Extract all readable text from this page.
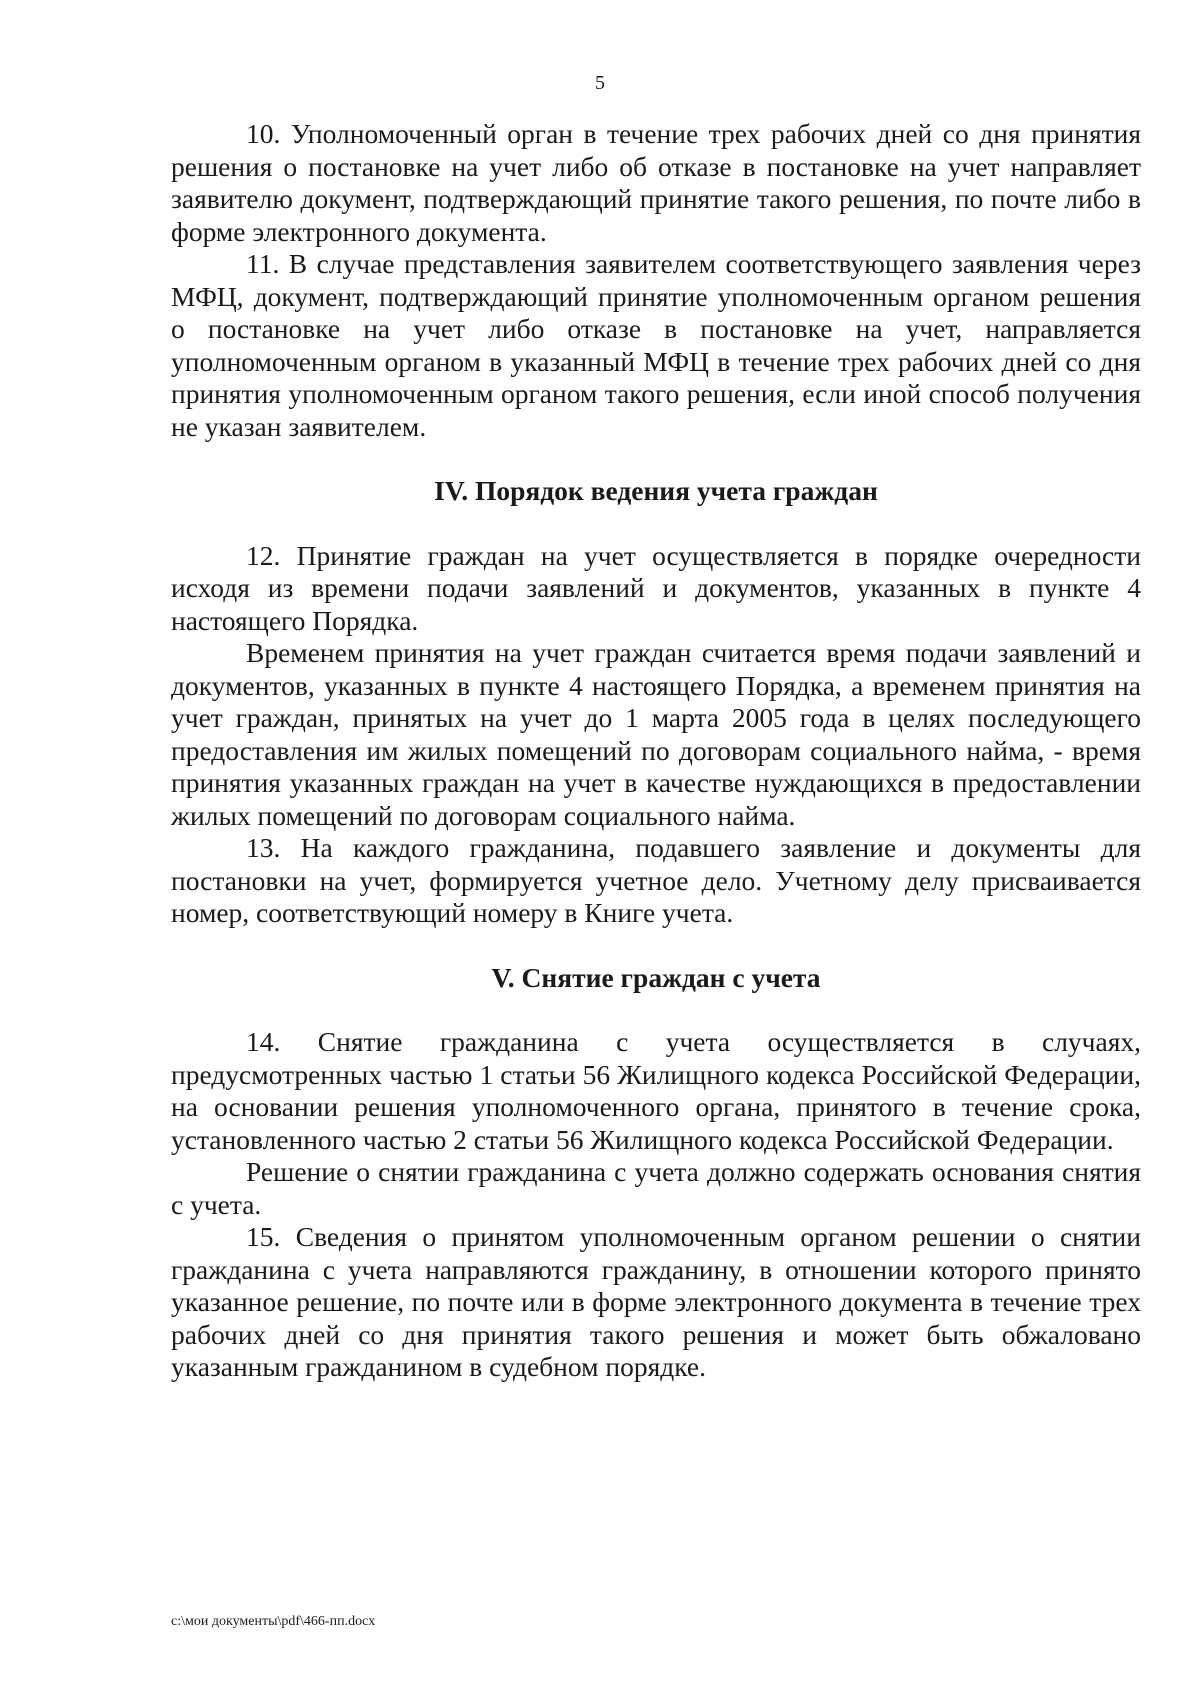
5

10. Уполномоченный орган в течение трех рабочих дней со дня принятия решения о постановке на учет либо об отказе в постановке на учет направляет заявителю документ, подтверждающий принятие такого решения, по почте либо в форме электронного документа.

11. В случае представления заявителем соответствующего заявления через МФЦ, документ, подтверждающий принятие уполномоченным органом решения о постановке на учет либо отказе в постановке на учет, направляется уполномоченным органом в указанный МФЦ в течение трех рабочих дней со дня принятия уполномоченным органом такого решения, если иной способ получения не указан заявителем.

IV. Порядок ведения учета граждан

12. Принятие граждан на учет осуществляется в порядке очередности исходя из времени подачи заявлений и документов, указанных в пункте 4 настоящего Порядка.

Временем принятия на учет граждан считается время подачи заявлений и документов, указанных в пункте 4 настоящего Порядка, а временем принятия на учет граждан, принятых на учет до 1 марта 2005 года в целях последующего предоставления им жилых помещений по договорам социального найма, - время принятия указанных граждан на учет в качестве нуждающихся в предоставлении жилых помещений по договорам социального найма.

13. На каждого гражданина, подавшего заявление и документы для постановки на учет, формируется учетное дело. Учетному делу присваивается номер, соответствующий номеру в Книге учета.

V. Снятие граждан с учета

14. Снятие гражданина с учета осуществляется в случаях, предусмотренных частью 1 статьи 56 Жилищного кодекса Российской Федерации, на основании решения уполномоченного органа, принятого в течение срока, установленного частью 2 статьи 56 Жилищного кодекса Российской Федерации.

Решение о снятии гражданина с учета должно содержать основания снятия с учета.

15. Сведения о принятом уполномоченным органом решении о снятии гражданина с учета направляются гражданину, в отношении которого принято указанное решение, по почте или в форме электронного документа в течение трех рабочих дней со дня принятия такого решения и может быть обжаловано указанным гражданином в судебном порядке.

c:\мои документы\pdf\466-пп.docx
